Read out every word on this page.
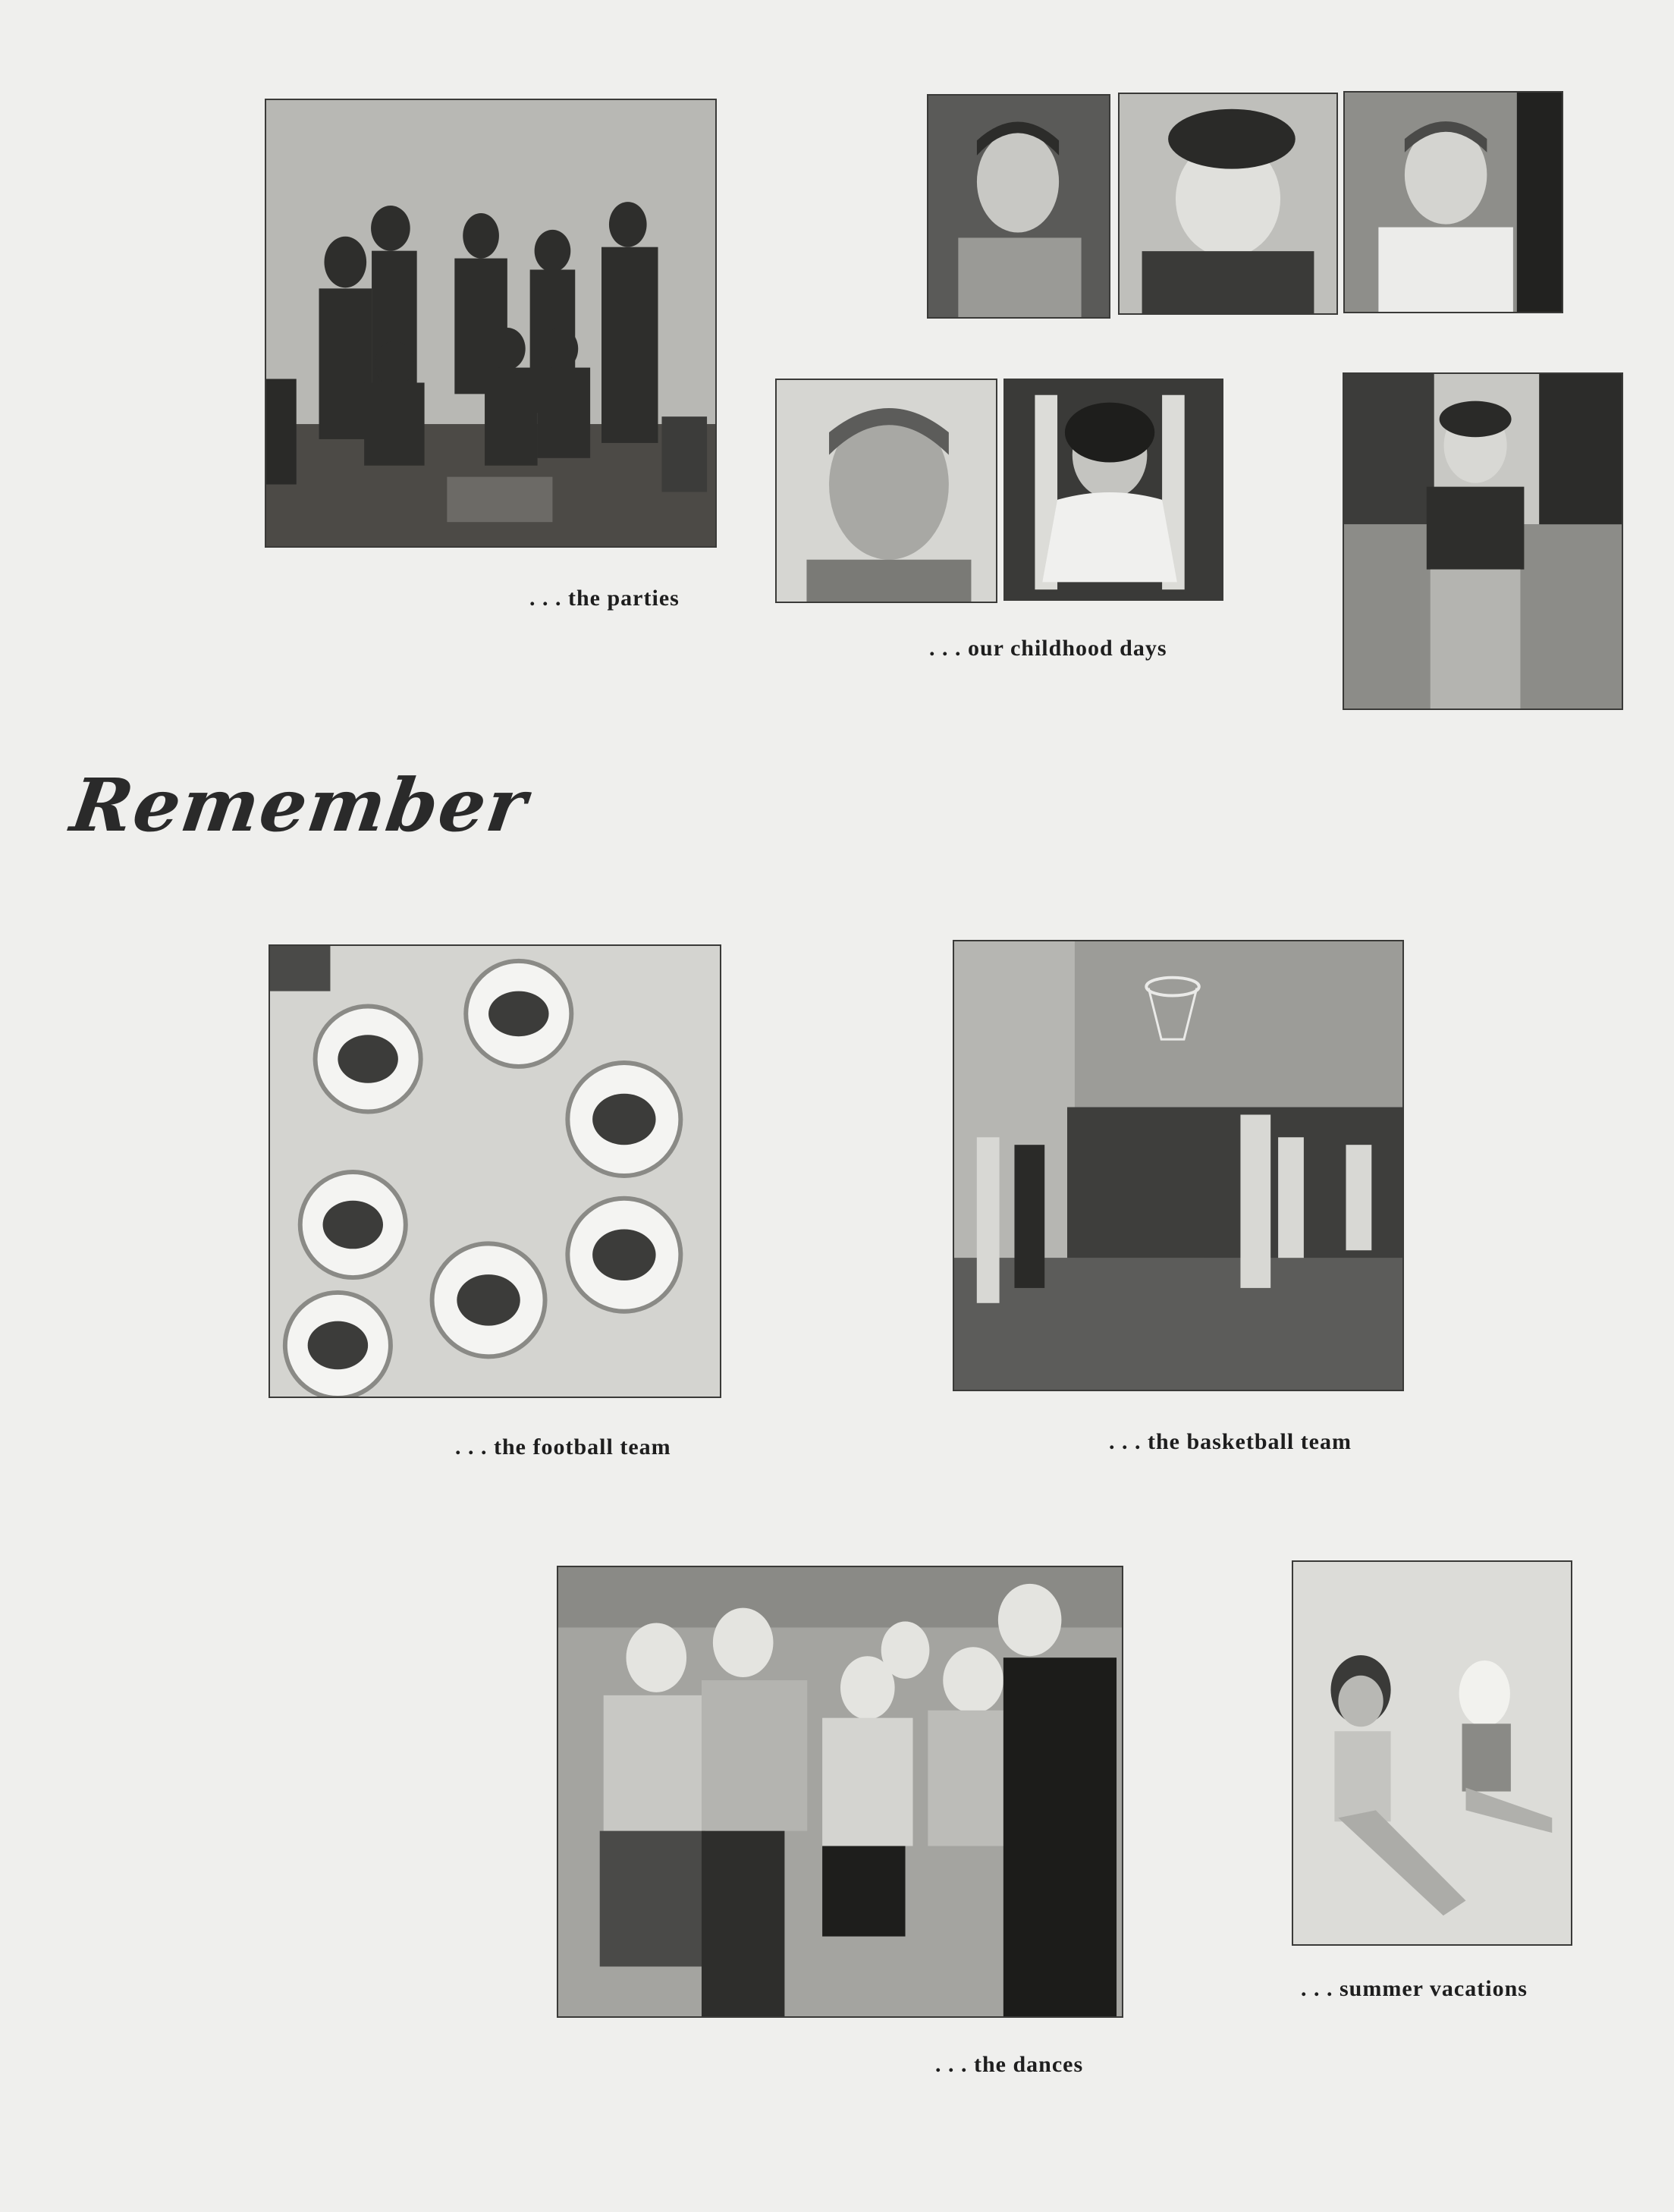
. . . the parties
. . . our childhood days
Remember
. . . the football team	. . . the basketball team
. . . the dances
. . . summer vacations
